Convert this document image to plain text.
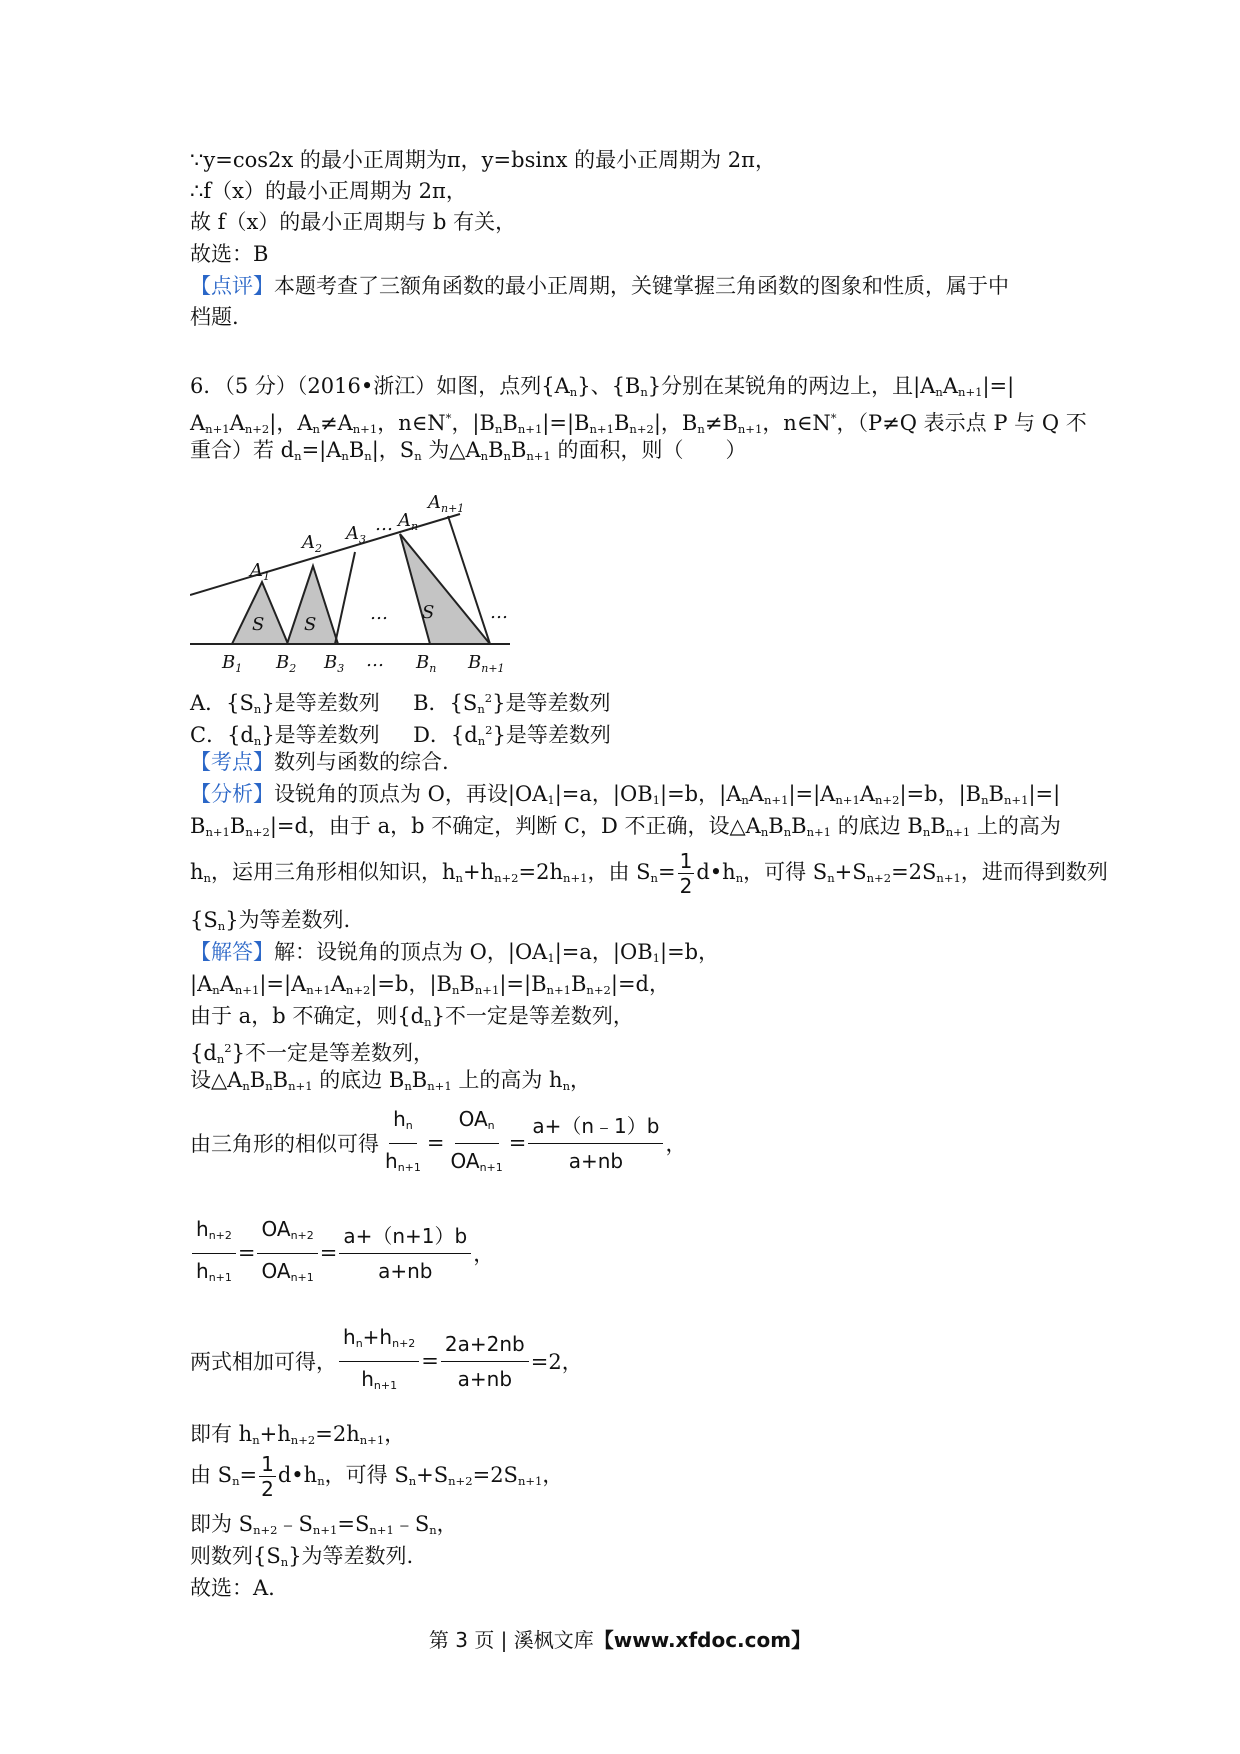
∵y=cos2x 的最小正周期为π，y=bsinx 的最小正周期为 2π，
∴f（x）的最小正周期为 2π，
故 f（x）的最小正周期与 b 有关，
故选：B
【点评】本题考查了三额角函数的最小正周期，关键掌握三角函数的图象和性质，属于中
档题.
6．（5 分）（2016•浙江）如图，点列$\{A_n\}$、$\{B_n\}$分别在某锐角的两边上，且$|A_nA_{n+1}|=|$
$A_{n+1}A_{n+2}|$，$A_n\ne A_{n+1}$，n∈N*，$|B_nB_{n+1}|=|B_{n+1}B_{n+2}|$，$B_n\ne B_{n+1}$，n∈N*，（P≠Q 表示点 P 与 Q 不
重合）若 $d_n=|A_nB_n|$，$S_n$ 为$\triangle A_nB_nB_{n+1}$ 的面积，则（　　）
$A_1$
$A_2$
$A_3$
… $A_n$
$A_{n+1}$
S S
… S	…
$B_1$ $B_2$ $B_3$ … $B_n$ $B_{n+1}$
A．$\{S_n\}$是等差数列 B．$\{S_n^2\}$是等差数列
C．$\{d_n\}$是等差数列 D．$\{d_n^2\}$是等差数列
【考点】数列与函数的综合.
【分析】设锐角的顶点为 O，再设$|OA_1|=a$，$|OB_1|=b$，$|A_nA_{n+1}|=|A_{n+1}A_{n+2}|=b$，$|B_nB_{n+1}|=|$
$B_{n+1}B_{n+2}|=d$，由于 a，b 不确定，判断 C，D 不正确，设$\triangle A_nB_nB_{n+1}$ 的底边 $B_nB_{n+1}$ 上的高为
$h_n$，运用三角形相似知识，$h_n+h_{n+2}=2h_{n+1}$，由 $S_n= \frac{1}{2}$ $d•h_n$，可得 $S_n+S_{n+2}=2S_{n+1}$，进而得到数列
$\{S_n\}$为等差数列.
【解答】解：设锐角的顶点为 O，$|OA_1|=a$，$|OB_1|=b$，
$|A_nA_{n+1}|=|A_{n+1}A_{n+2}|=b$，$|B_nB_{n+1}|=|B_{n+1}B_{n+2}|=d$，
由于 a，b 不确定，则$\{d_n\}$不一定是等差数列，
$\{d_n^2\}$不一定是等差数列，
设$\triangle A_nB_nB_{n+1}$ 的底边 $B_nB_{n+1}$ 上的高为 $h_n$，
由三角形的相似可得 $\frac{h_n}{h_{n+1}} = \frac{OA_n}{OA_{n+1}} = \frac{a+(n﹣1)b}{a+nb}$ ，
$\frac{h_{n+2}}{h_{n+1}} = \frac{OA_{n+2}}{OA_{n+1}} = \frac{a+(n+1)b}{a+nb}$ ，
两式相加可得， $\frac{h_n+h_{n+2}}{h_{n+1}} = \frac{2a+2nb}{a+nb} =2$，
即有 $h_n+h_{n+2}=2h_{n+1}$，
由 $S_n= \frac{1}{2}$ $d•h_n$，可得 $S_n+S_{n+2}=2S_{n+1}$，
即为 $S_{n+2}﹣S_{n+1}=S_{n+1}﹣S_n$，
则数列$\{S_n\}$为等差数列.
故选：A.
第 3 页 | 溪枫文库【www.xfdoc.com】
